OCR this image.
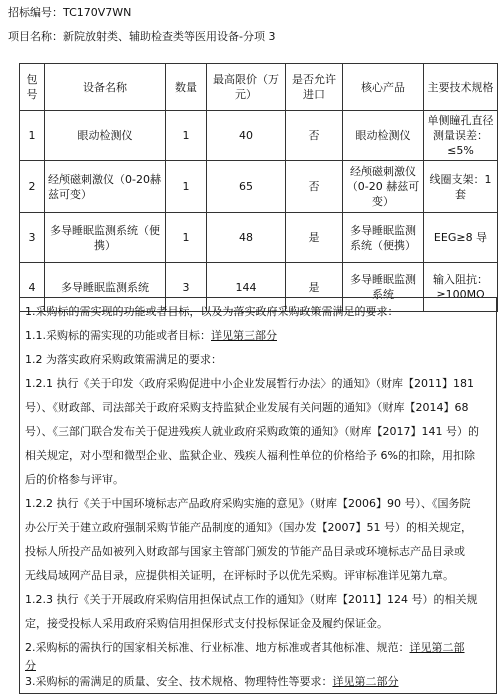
招标编号：TC170V7WN
项目名称：新院放射类、辅助检查类等医用设备-分项 3
包号	设备名称	数量	最高限价（万元）	是否允许进口	核心产品	主要技术规格
1	眼动检测仪	1	40	否	眼动检测仪	单侧瞳孔直径测量误差：≤5%
2	经颅磁刺激仪（0-20赫兹可变）	1	65	否	经颅磁刺激仪（0-20 赫兹可变）	线圈支架：1 套
3	多导睡眠监测系统（便携）	1	48	是	多导睡眠监测系统（便携）	EEG≥8 导
4	多导睡眠监测系统	3	144	是	多导睡眠监测系统	输入阻抗：≥100MΩ
1.采购标的需实现的功能或者目标，以及为落实政府采购政策需满足的要求：
1.1.采购标的需实现的功能或者目标：详见第三部分
1.2 为落实政府采购政策需满足的要求：
1.2.1 执行《关于印发〈政府采购促进中小企业发展暂行办法〉的通知》（财库【2011】181
号）、《财政部、司法部关于政府采购支持监狱企业发展有关问题的通知》（财库【2014】68
号）、《三部门联合发布关于促进残疾人就业政府采购政策的通知》（财库【2017】141 号）的
相关规定，对小型和微型企业、监狱企业、残疾人福利性单位的价格给予 6%的扣除，用扣除
后的价格参与评审。
1.2.2 执行《关于中国环境标志产品政府采购实施的意见》（财库【2006】90 号）、《国务院
办公厅关于建立政府强制采购节能产品制度的通知》（国办发【2007】51 号）的相关规定，
投标人所投产品如被列入财政部与国家主管部门颁发的节能产品目录或环境标志产品目录或
无线局域网产品目录，应提供相关证明，在评标时予以优先采购。评审标准详见第九章。
1.2.3 执行《关于开展政府采购信用担保试点工作的通知》（财库【2011】124 号）的相关规
定，接受投标人采用政府采购信用担保形式支付投标保证金及履约保证金。
2.采购标的需执行的国家相关标准、行业标准、地方标准或者其他标准、规范：详见第二部
分
3.采购标的需满足的质量、安全、技术规格、物理特性等要求：详见第二部分
